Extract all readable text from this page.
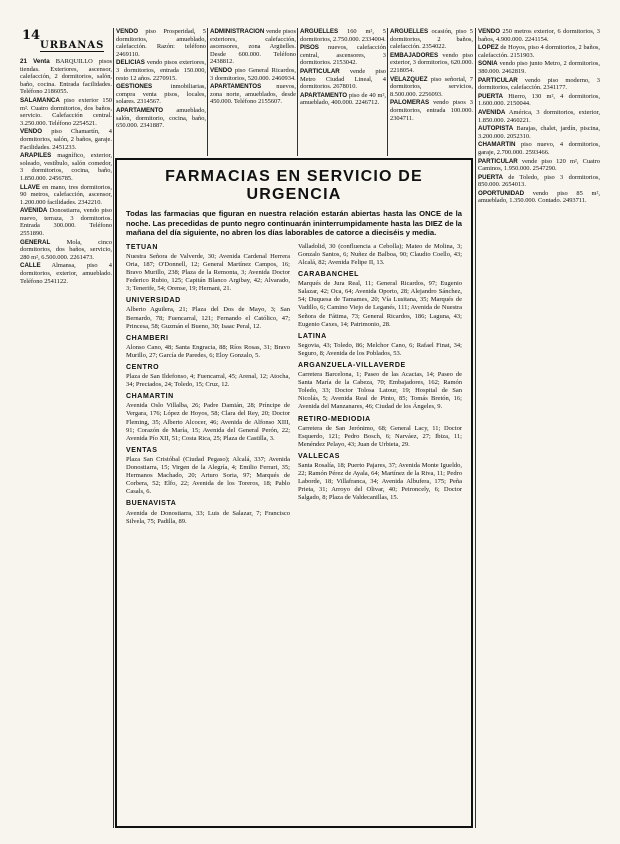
14
URBANAS

21 Venta BARQUILLO pisos tiendas. Exteriores, ascensor, calefacción, 2 dormitorios, salón, baño, cocina. Entrada facilidades. Teléfono 2186055.

SALAMANCA piso exterior 150 m². Cuatro dormitorios, dos baños, servicio. Calefacción central. 3.250.000. Teléfono 2254521.

VENDO piso Chamartín, 4 dormitorios, salón, 2 baños, garaje. Facilidades. 2451233.

ARAPILES magnífico, exterior, soleado, vestíbulo, salón comedor, 3 dormitorios, cocina, baño, 1.850.000. 2456785.

LLAVE en mano, tres dormitorios, 90 metros, calefacción, ascensor, 1.200.000 facilidades. 2342210.

AVENIDA Donostiarra, vendo piso nuevo, terraza, 3 dormitorios. Entrada 300.000. Teléfono 2551890.

GENERAL Mola, cinco dormitorios, dos baños, servicio, 280 m², 6.500.000. 2261473.

CALLE Almansa, piso 4 dormitorios, exterior, amueblado. Teléfono 2541122.

VENDO piso Prosperidad, 5 dormitorios, amueblado, calefacción. Razón: teléfono 2469110.

DELICIAS vendo pisos exteriores, 3 dormitorios, entrada 150.000, resto 12 años. 2270915.

GESTIONES inmobiliarias, compra venta pisos, locales, solares. 2314567.

APARTAMENTO amueblado, salón, dormitorio, cocina, baño, 650.000. 2341887.

ADMINISTRACION vende pisos exteriores, calefacción, ascensores, zona Argüelles. Desde 600.000. Teléfono 2438812.

VENDO piso General Ricardos, 3 dormitorios, 520.000. 2460934.

APARTAMENTOS nuevos, zona norte, amueblados, desde 450.000. Teléfono 2155607.

ARGÜELLES 160 m², 5 dormitorios, 2.750.000. 2334004.

PISOS nuevos, calefacción central, ascensores, 3 dormitorios. 2153042.

PARTICULAR vende piso Metro Ciudad Lineal, 4 dormitorios. 2678010.

APARTAMENTO piso de 40 m², amueblado, 400.000. 2246712.

ARGÜELLES ocasión, piso 5 dormitorios, 2 baños, calefacción. 2354022.

EMBAJADORES vendo piso exterior, 3 dormitorios, 620.000. 2218054.

VELAZQUEZ piso señorial, 7 dormitorios, servicios, 8.500.000. 2256093.

PALOMERAS vendo pisos 3 dormitorios, entrada 100.000. 2304711.

VENDO 250 metros exterior, 6 dormitorios, 3 baños, 4.900.000. 2241154.

LOPEZ de Hoyos, piso 4 dormitorios, 2 baños, calefacción. 2151903.

SONIA vendo piso junto Metro, 2 dormitorios, 380.000. 2462819.

PARTICULAR vendo piso moderno, 3 dormitorios, calefacción. 2341177.

PUERTA Hierro, 130 m², 4 dormitorios, 1.600.000. 2150044.

AVENIDA América, 3 dormitorios, exterior, 1.850.000. 2460221.

AUTOPISTA Barajas, chalet, jardín, piscina, 3.200.000. 2052310.

CHAMARTIN piso nuevo, 4 dormitorios, garaje, 2.700.000. 2593466.

PARTICULAR vende piso 120 m², Cuatro Caminos, 1.950.000. 2547290.

PUERTA de Toledo, piso 3 dormitorios, 850.000. 2654013.

OPORTUNIDAD vendo piso 85 m², amueblado, 1.350.000. Contado. 2493711.

FARMACIAS EN SERVICIO DE URGENCIA
Todas las farmacias que figuran en nuestra relación estarán abiertas hasta las ONCE de la noche. Las precedidas de punto negro continuarán ininterrumpidamente hasta las DIEZ de la mañana del día siguiente, no abren los días laborables de catorce a dieciséis y media.
TETUAN
Nuestra Señora de Valverde, 30; Avenida Cardenal Herrera Oria, 187; O'Donnell, 12; General Martínez Campos, 16; Bravo Murillo, 238; Plaza de la Remonta, 3; Avenida Doctor Federico Rubio, 125; Capitán Blanco Argibay, 42; Alvarado, 3; Tenerife, 54; Orense, 19; Hernani, 21.
UNIVERSIDAD
Alberto Aguilera, 21; Plaza del Dos de Mayo, 3; San Bernardo, 78; Fuencarral, 121; Fernando el Católico, 47; Princesa, 58; Guzmán el Bueno, 30; Isaac Peral, 12.
CHAMBERI
Alonso Cano, 48; Santa Engracia, 88; Ríos Rosas, 31; Bravo Murillo, 27; García de Paredes, 6; Eloy Gonzalo, 5.
CENTRO
Plaza de San Ildefonso, 4; Fuencarral, 45; Arenal, 12; Atocha, 34; Preciados, 24; Toledo, 15; Cruz, 12.
CHAMARTIN
Avenida Oslo Villalba, 26; Padre Damián, 28; Príncipe de Vergara, 176; López de Hoyos, 58; Clara del Rey, 20; Doctor Fleming, 35; Alberto Alcocer, 46; Avenida de Alfonso XIII, 91; Corazón de María, 15; Avenida del General Perón, 22; Avenida Pío XII, 51; Costa Rica, 25; Plaza de Castilla, 3.
VENTAS
Plaza San Cristóbal (Ciudad Pegaso); Alcalá, 337; Avenida Donostiarra, 15; Virgen de la Alegría, 4; Emilio Ferrari, 35; Hermanos Machado, 20; Arturo Soria, 97; Marqués de Corbera, 52; Elfo, 22; Avenida de los Toreros, 18; Pablo Casals, 6.
BUENAVISTA
Avenida de Donostiarra, 33; Luis de Salazar, 7; Francisco Silvela, 75; Padilla, 89.
Valladolid, 30 (confluencia a Cebolla); Mateo de Molina, 3; Gonzalo Santos, 6; Nuñez de Balboa, 90; Claudio Coello, 43; Alcalá, 82; Avenida Felipe II, 13.
CARABANCHEL
Marqués de Jura Real, 11; General Ricardos, 97; Eugenio Salazar, 42; Oca, 64; Avenida Oporto, 28; Alejandro Sánchez, 54; Duquesa de Tamames, 20; Vía Lusitana, 35; Marqués de Vadillo, 6; Camino Viejo de Leganés, 111; Avenida de Nuestra Señora de Fátima, 73; General Ricardos, 186; Laguna, 43; Eugenio Caxes, 14; Patrimonio, 28.
LATINA
Segovia, 43; Toledo, 86; Melchor Cano, 6; Rafael Finat, 34; Seguro, 8; Avenida de los Poblados, 53.
ARGANZUELA-VILLAVERDE
Carretera Barcelona, 1; Paseo de las Acacias, 14; Paseo de Santa María de la Cabeza, 70; Embajadores, 162; Ramón Toledo, 33; Doctor Tolosa Latour, 19; Hospital de San Nicolás, 5; Avenida Real de Pinto, 85; Tomás Bretón, 16; Avenida del Manzanares, 46; Ciudad de los Ángeles, 9.
RETIRO-MEDIODIA
Carretera de San Jerónimo, 68; General Lacy, 11; Doctor Esquerdo, 121; Pedro Bosch, 6; Narváez, 27; Ibiza, 11; Menéndez Pelayo, 43; Juan de Urbieta, 29.
VALLECAS
Santa Rosalía, 18; Puerto Pajares, 37; Avenida Monte Igueldo, 22; Ramón Pérez de Ayala, 64; Martínez de la Riva, 11; Pedro Laborde, 18; Villafranca, 34; Avenida Albufera, 175; Peña Prieta, 31; Arroyo del Olivar, 40; Peironcely, 6; Doctor Salgado, 8; Plaza de Valdecanillas, 15.
